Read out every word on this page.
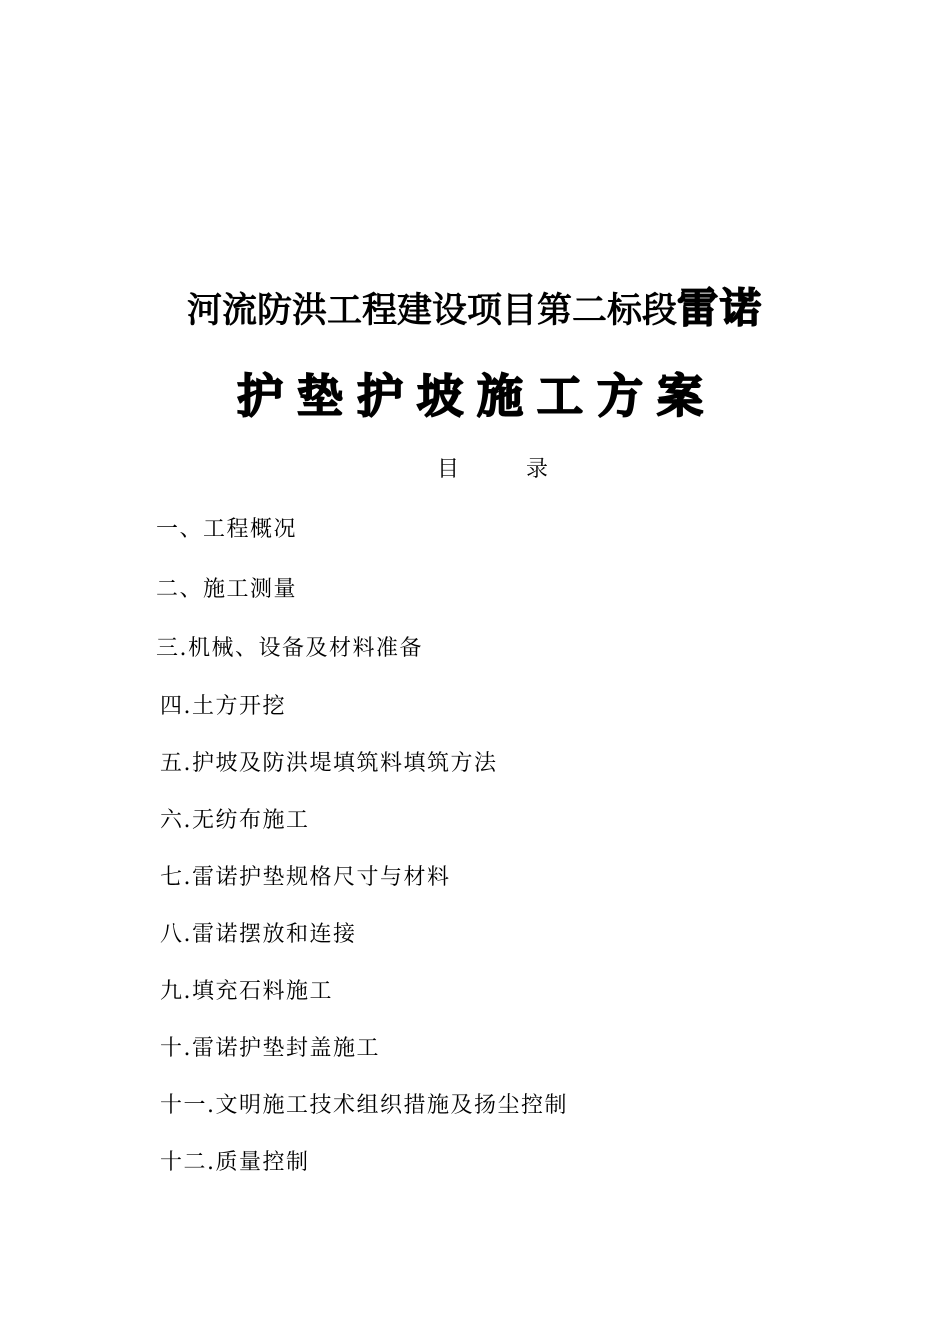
河流防洪工程建设项目第二标段雷诺
护垫护坡施工方案
目	录
一、工程概况
二、施工测量
三.机械、设备及材料准备
四.土方开挖
五.护坡及防洪堤填筑料填筑方法
六.无纺布施工
七.雷诺护垫规格尺寸与材料
八.雷诺摆放和连接
九.填充石料施工
十.雷诺护垫封盖施工
十一.文明施工技术组织措施及扬尘控制
十二.质量控制
